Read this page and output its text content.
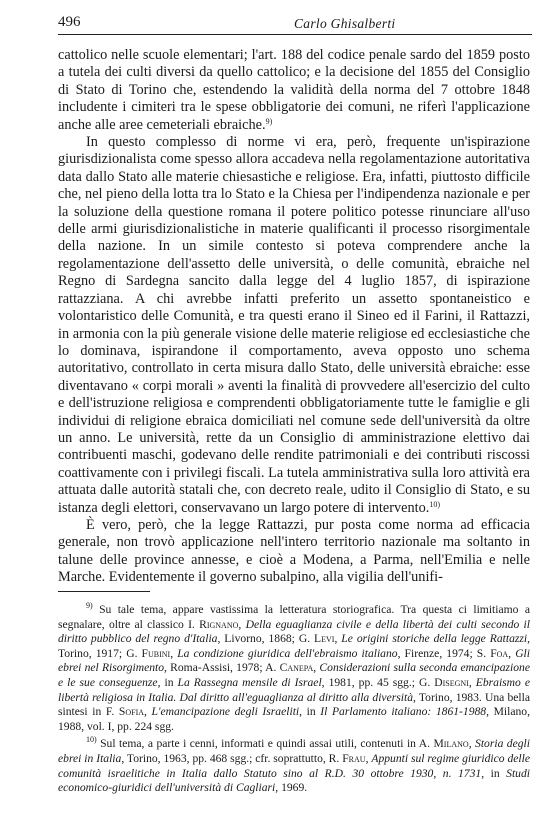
496	Carlo Ghisalberti

cattolico nelle scuole elementari; l'art. 188 del codice penale sardo del 1859 posto a tutela dei culti diversi da quello cattolico; e la decisione del 1855 del Consiglio di Stato di Torino che, estendendo la validità della norma del 7 ottobre 1848 includente i cimiteri tra le spese obbligatorie dei comuni, ne riferì l'applicazione anche alle aree cemeteriali ebraiche.$^{9)}$

In questo complesso di norme vi era, però, frequente un'ispirazione giurisdizionalista come spesso allora accadeva nella regolamentazione autoritativa data dallo Stato alle materie chiesastiche e religiose. Era, infatti, piuttosto difficile che, nel pieno della lotta tra lo Stato e la Chiesa per l'indipendenza nazionale e per la soluzione della questione romana il potere politico potesse rinunciare all'uso delle armi giurisdizionalistiche in materie qualificanti il processo risorgimentale della nazione. In un simile contesto si poteva comprendere anche la regolamentazione dell'assetto delle università, o delle comunità, ebraiche nel Regno di Sardegna sancito dalla legge del 4 luglio 1857, di ispirazione rattazziana. A chi avrebbe infatti preferito un assetto spontaneistico e volontaristico delle Comunità, e tra questi erano il Sineo ed il Farini, il Rattazzi, in armonia con la più generale visione delle materie religiose ed ecclesiastiche che lo dominava, ispirandone il comportamento, aveva opposto uno schema autoritativo, controllato in certa misura dallo Stato, delle università ebraiche: esse diventavano « corpi morali » aventi la finalità di provvedere all'esercizio del culto e dell'istruzione religiosa e comprendenti obbligatoriamente tutte le famiglie e gli individui di religione ebraica domiciliati nel comune sede dell'università da oltre un anno. Le università, rette da un Consiglio di amministrazione elettivo dai contribuenti maschi, godevano delle rendite patrimoniali e dei contributi riscossi coattivamente con i privilegi fiscali. La tutela amministrativa sulla loro attività era attuata dalle autorità statali che, con decreto reale, udito il Consiglio di Stato, e su istanza degli elettori, conservavano un largo potere di intervento.$^{10)}$

È vero, però, che la legge Rattazzi, pur posta come norma ad efficacia generale, non trovò applicazione nell'intero territorio nazionale ma soltanto in talune delle province annesse, e cioè a Modena, a Parma, nell'Emilia e nelle Marche. Evidentemente il governo subalpino, alla vigilia dell'unifi-

$^{9)}$ Su tale tema, appare vastissima la letteratura storiografica. Tra questa ci limitiamo a segnalare, oltre al classico I. Rignano, Della eguaglianza civile e della libertà dei culti secondo il diritto pubblico del regno d'Italia, Livorno, 1868; G. Levi, Le origini storiche della legge Rattazzi, Torino, 1917; G. Fubini, La condizione giuridica dell'ebraismo italiano, Firenze, 1974; S. Foa, Gli ebrei nel Risorgimento, Roma-Assisi, 1978; A. Canepa, Considerazioni sulla seconda emancipazione e le sue conseguenze, in La Rassegna mensile di Israel, 1981, pp. 45 sgg.; G. Disegni, Ebraismo e libertà religiosa in Italia. Dal diritto all'eguaglianza al diritto alla diversità, Torino, 1983. Una bella sintesi in F. Sofia, L'emancipazione degli Israeliti, in Il Parlamento italiano: 1861-1988, Milano, 1988, vol. I, pp. 224 sgg.

$^{10)}$ Sul tema, a parte i cenni, informati e quindi assai utili, contenuti in A. Milano, Storia degli ebrei in Italia, Torino, 1963, pp. 468 sgg.; cfr. soprattutto, R. Frau, Appunti sul regime giuridico delle comunità israelitiche in Italia dallo Statuto sino al R.D. 30 ottobre 1930, n. 1731, in Studi economico-giuridici dell'università di Cagliari, 1969.
